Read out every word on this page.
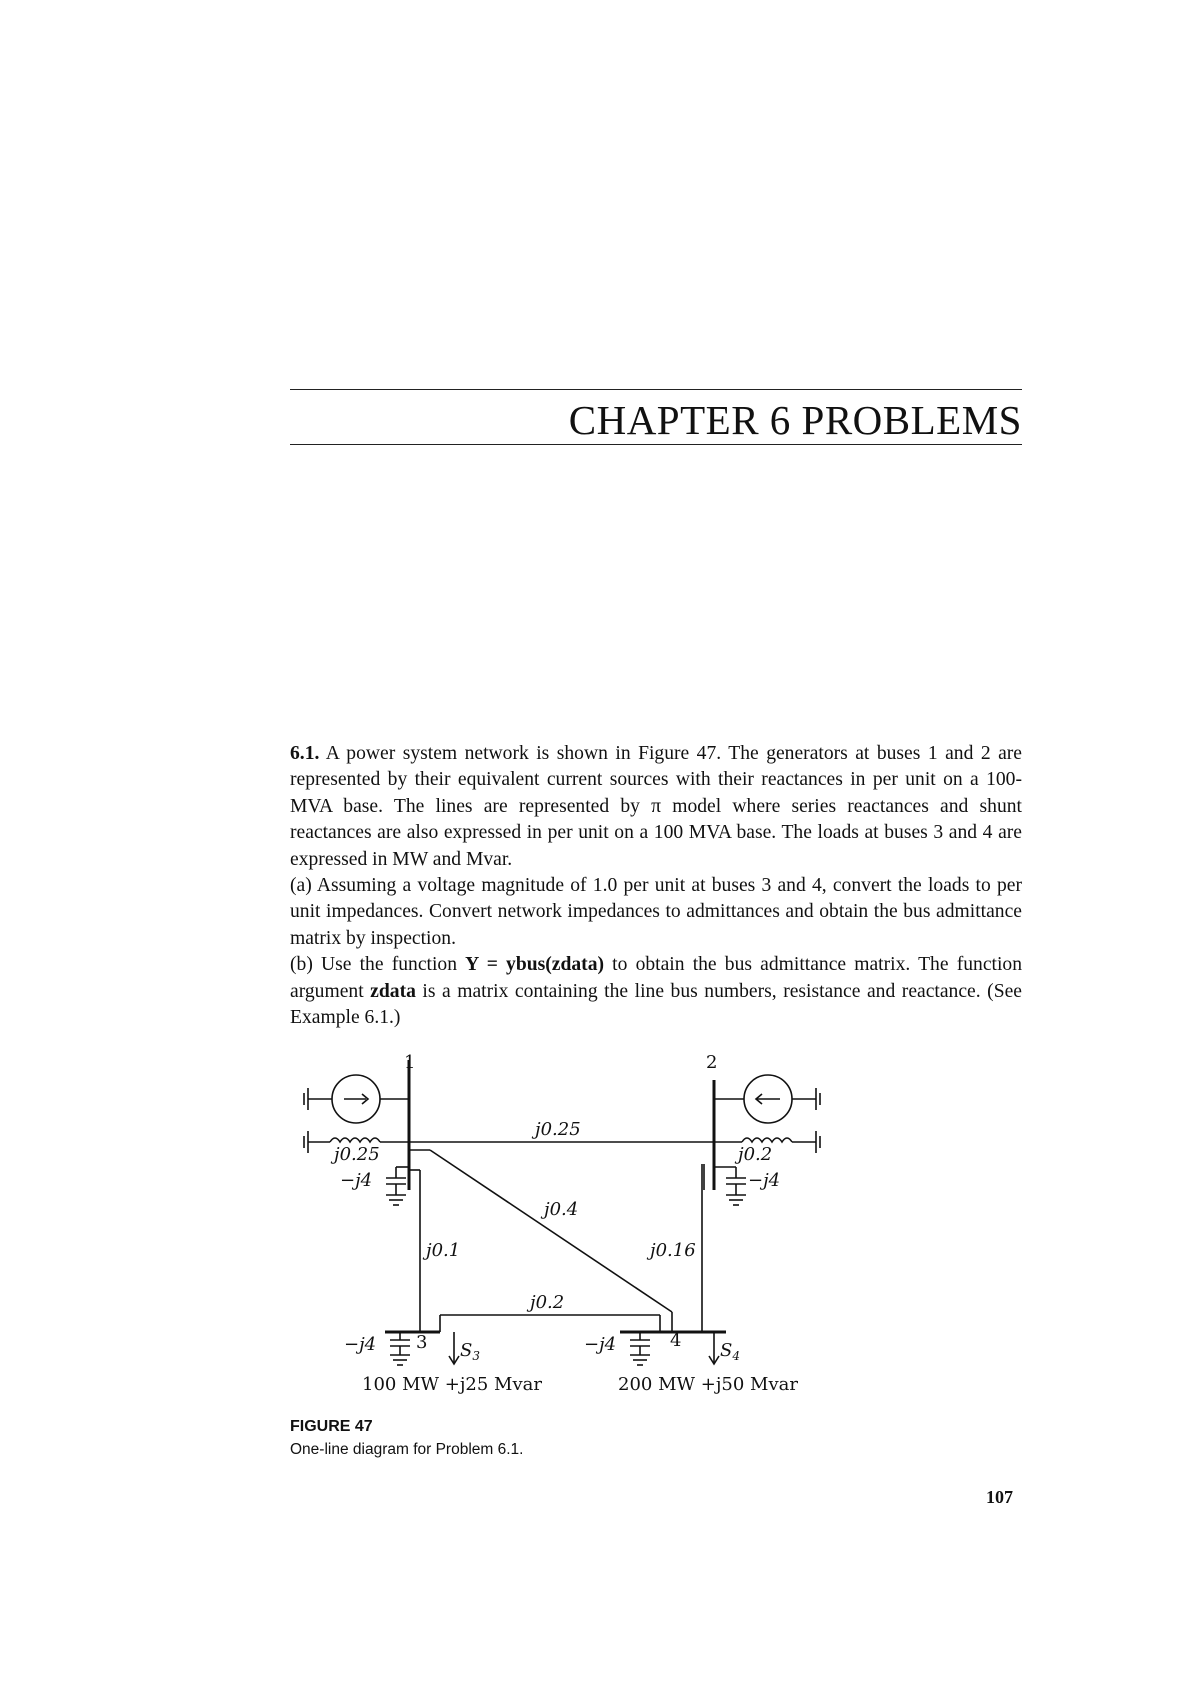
CHAPTER 6 PROBLEMS

6.1. A power system network is shown in Figure 47. The generators at buses 1 and 2 are represented by their equivalent current sources with their reactances in per unit on a 100-MVA base. The lines are represented by π model where series reactances and shunt reactances are also expressed in per unit on a 100 MVA base. The loads at buses 3 and 4 are expressed in MW and Mvar.

(a) Assuming a voltage magnitude of 1.0 per unit at buses 3 and 4, convert the loads to per unit impedances. Convert network impedances to admittances and obtain the bus admittance matrix by inspection.

(b) Use the function Y = ybus(zdata) to obtain the bus admittance matrix. The function argument zdata is a matrix containing the line bus numbers, resistance and reactance. (See Example 6.1.)

1	2
j0.25
j0.25	j0.2
−j4	−j4
j0.4
j0.1	j0.16
j0.2
−j4 3 $S_3$
−j4	4 $S_4$
100 MW +j25 Mvar	200 MW +j50 Mvar
FIGURE 47
One-line diagram for Problem 6.1.
107
